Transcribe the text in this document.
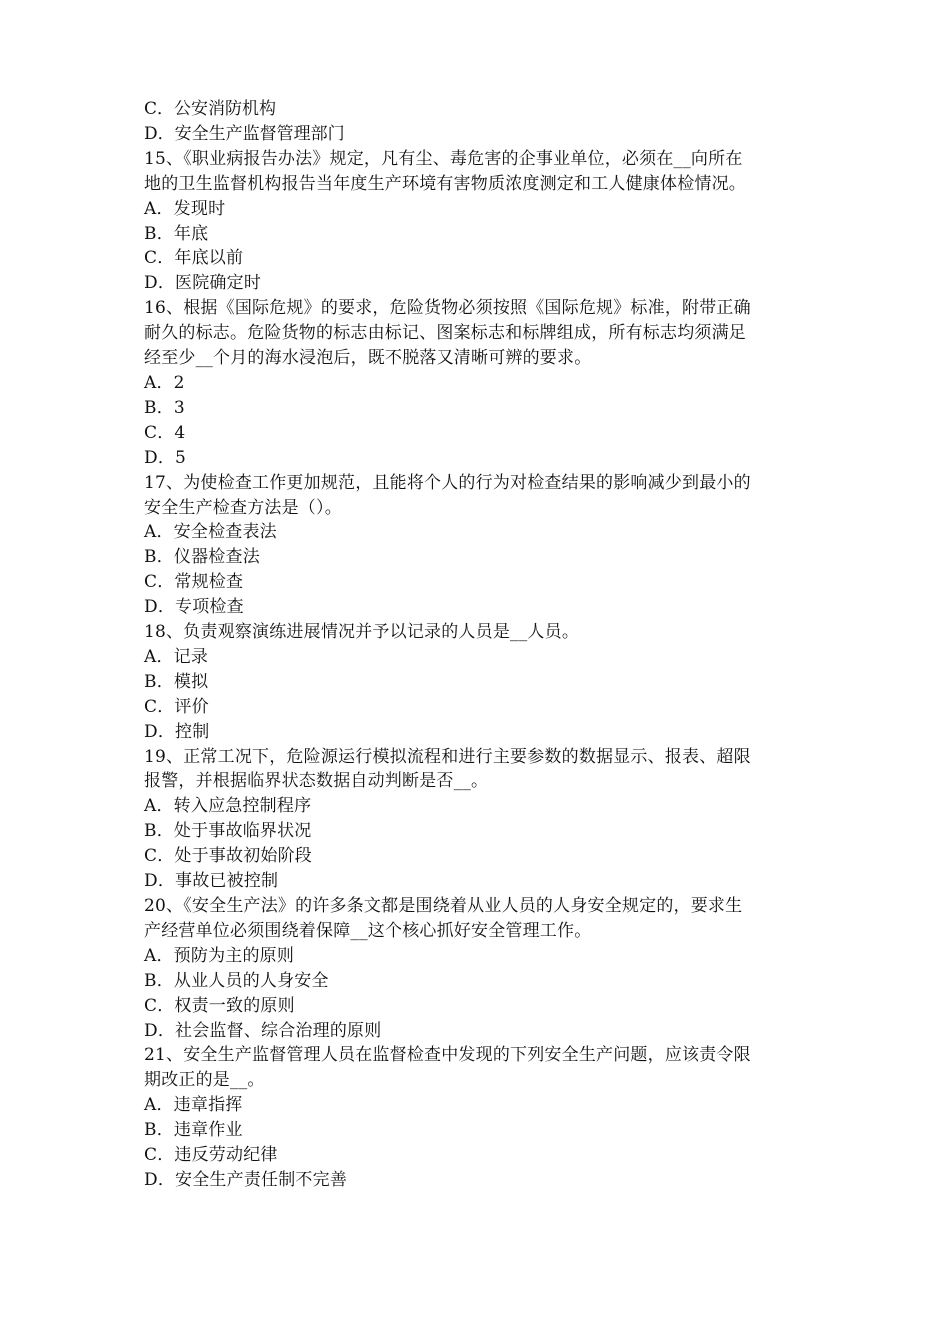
C．公安消防机构

D．安全生产监督管理部门

15、《职业病报告办法》规定，凡有尘、毒危害的企事业单位，必须在__向所在

地的卫生监督机构报告当年度生产环境有害物质浓度测定和工人健康体检情况。

A．发现时

B．年底

C．年底以前

D．医院确定时

16、根据《国际危规》的要求，危险货物必须按照《国际危规》标准，附带正确

耐久的标志。危险货物的标志由标记、图案标志和标牌组成，所有标志均须满足

经至少__个月的海水浸泡后，既不脱落又清晰可辨的要求。

A．2

B．3

C．4

D．5

17、为使检查工作更加规范，且能将个人的行为对检查结果的影响减少到最小的

安全生产检查方法是（）。

A．安全检查表法

B．仪器检查法

C．常规检查

D．专项检查

18、负责观察演练进展情况并予以记录的人员是__人员。

A．记录

B．模拟

C．评价

D．控制

19、正常工况下，危险源运行模拟流程和进行主要参数的数据显示、报表、超限

报警，并根据临界状态数据自动判断是否__。

A．转入应急控制程序

B．处于事故临界状况

C．处于事故初始阶段

D．事故已被控制

20、《安全生产法》的许多条文都是围绕着从业人员的人身安全规定的，要求生

产经营单位必须围绕着保障__这个核心抓好安全管理工作。

A．预防为主的原则

B．从业人员的人身安全

C．权责一致的原则

D．社会监督、综合治理的原则

21、安全生产监督管理人员在监督检查中发现的下列安全生产问题，应该责令限

期改正的是__。

A．违章指挥

B．违章作业

C．违反劳动纪律

D．安全生产责任制不完善
